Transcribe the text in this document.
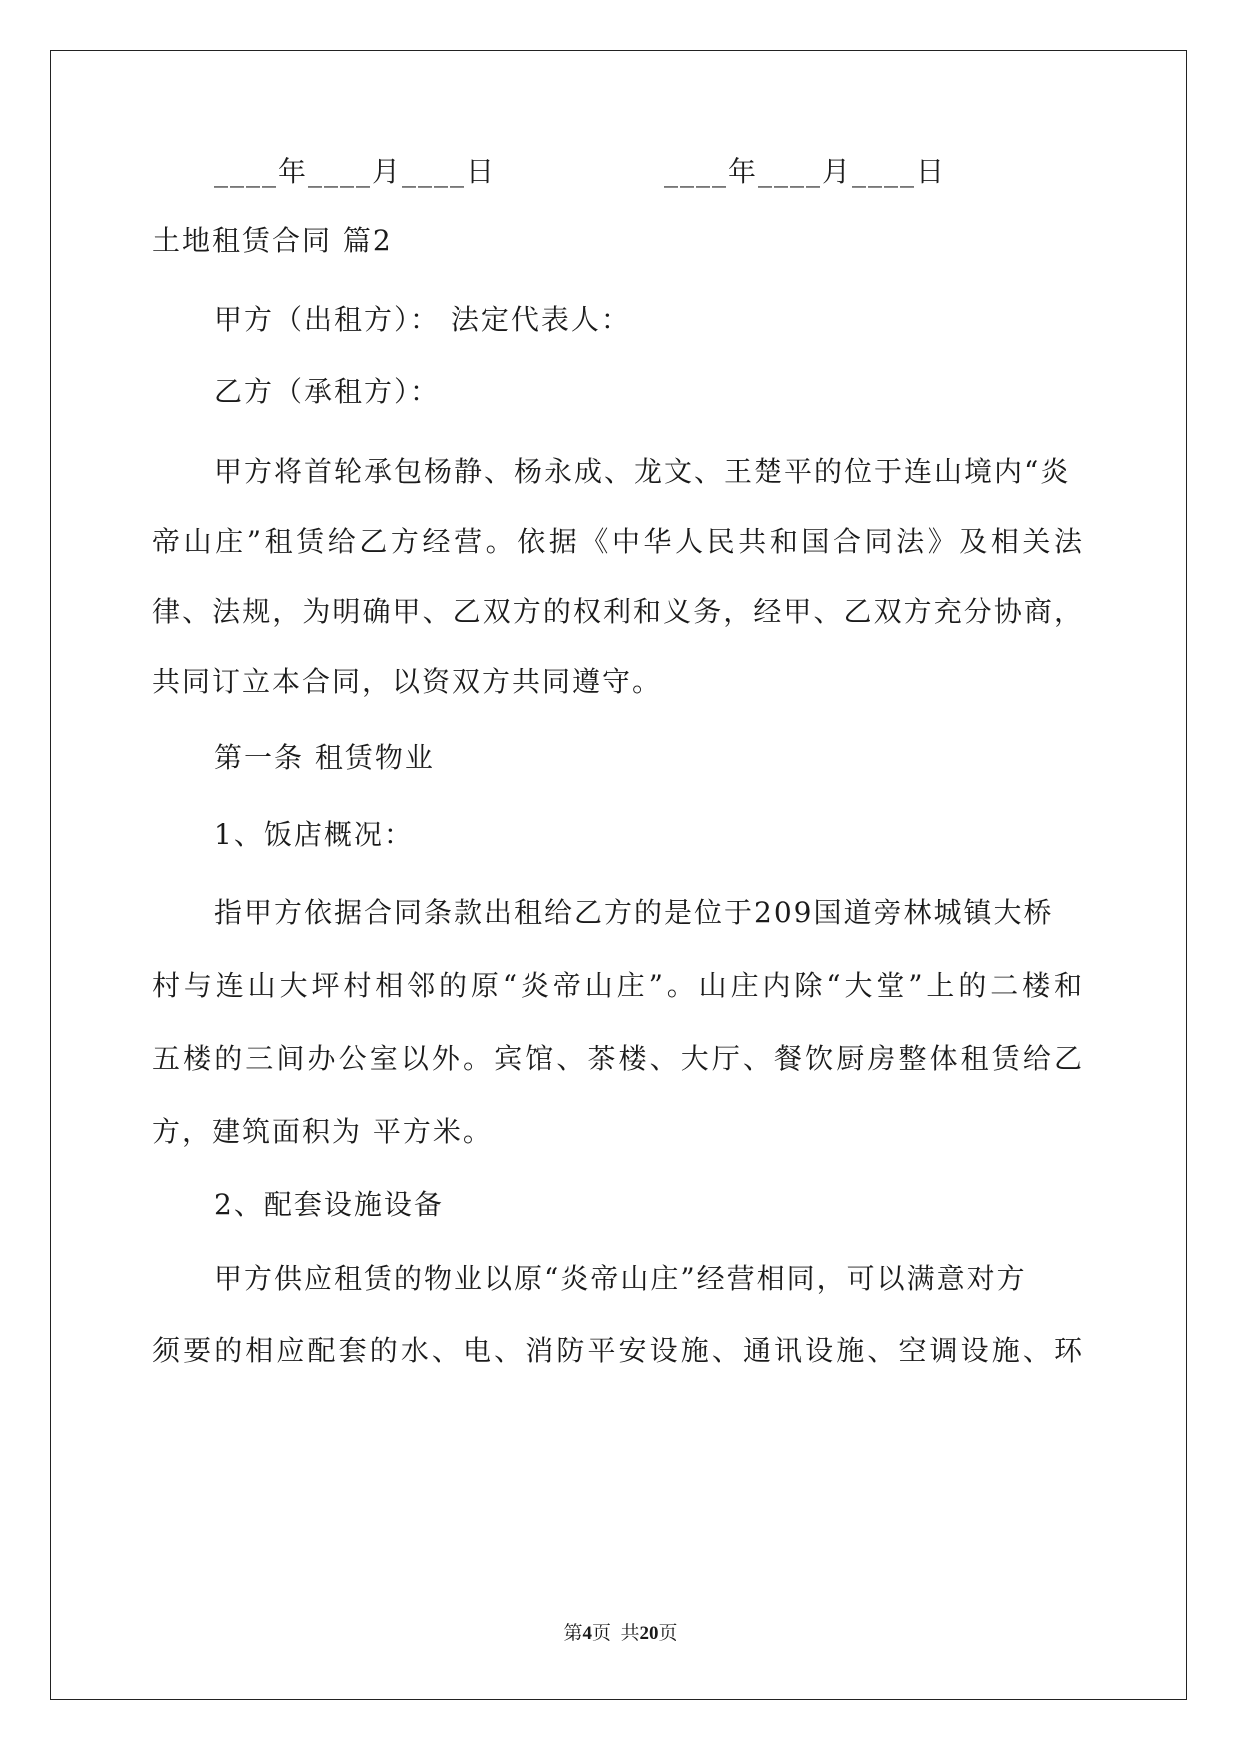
____年____月____日	____年____月____日
土地租赁合同 篇2
甲方（出租方）： 法定代表人：
乙方（承租方）：
甲方将首轮承包杨静、杨永成、龙文、王楚平的位于连山境内“炎
帝山庄”租赁给乙方经营。依据《中华人民共和国合同法》及相关法
律、法规，为明确甲、乙双方的权利和义务，经甲、乙双方充分协商，
共同订立本合同，以资双方共同遵守。
第一条 租赁物业
1、饭店概况：
指甲方依据合同条款出租给乙方的是位于209国道旁林城镇大桥
村与连山大坪村相邻的原“炎帝山庄”。山庄内除“大堂”上的二楼和
五楼的三间办公室以外。宾馆、茶楼、大厅、餐饮厨房整体租赁给乙
方，建筑面积为 平方米。
2、配套设施设备
甲方供应租赁的物业以原“炎帝山庄”经营相同，可以满意对方
须要的相应配套的水、电、消防平安设施、通讯设施、空调设施、环
第4页  共20页
